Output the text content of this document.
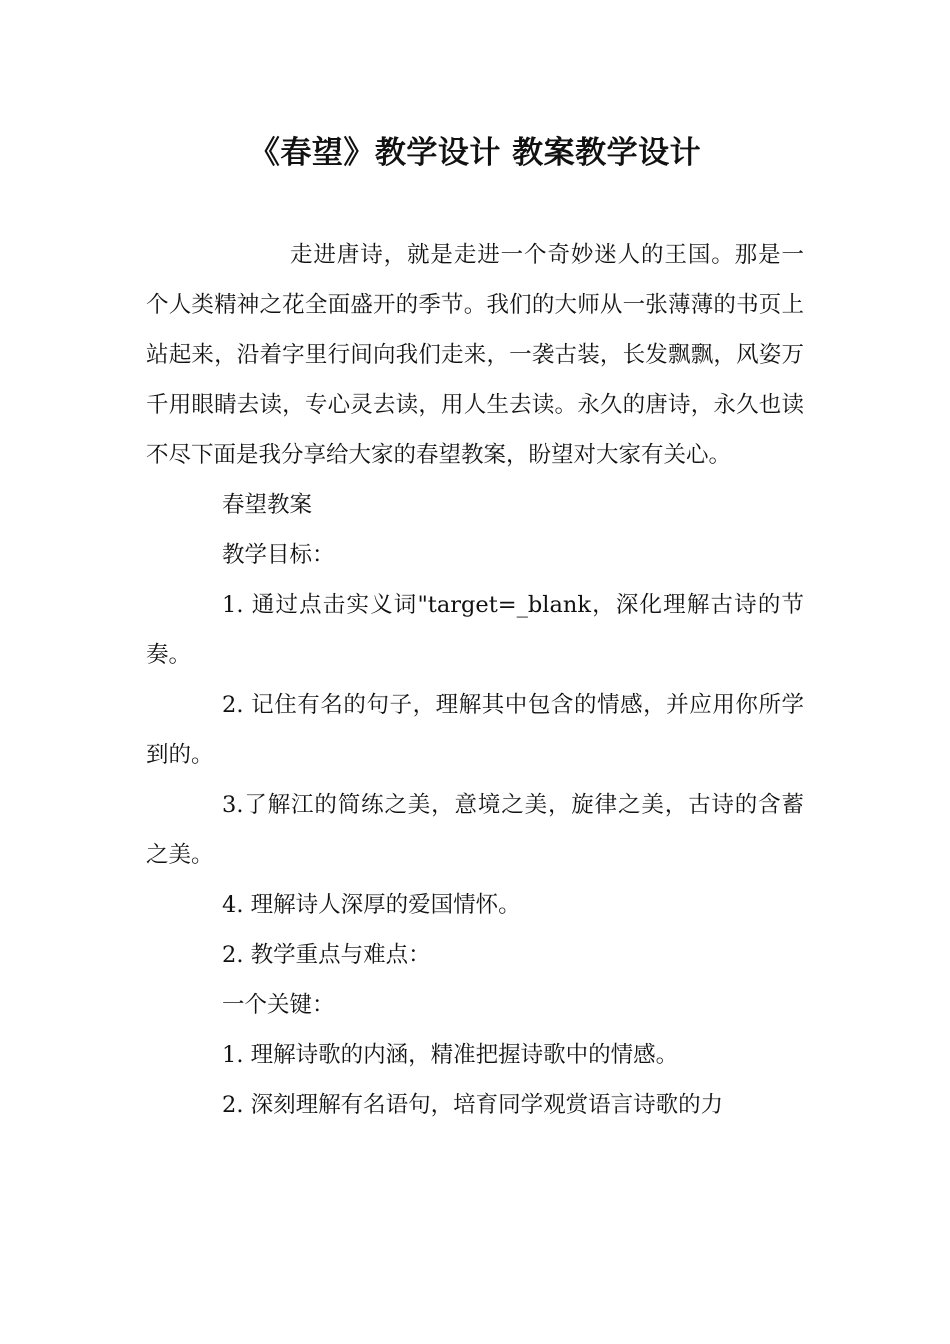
《春望》教学设计 教案教学设计

走进唐诗，就是走进一个奇妙迷人的王国。那是一个人类精神之花全面盛开的季节。我们的大师从一张薄薄的书页上站起来，沿着字里行间向我们走来，一袭古装，长发飘飘，风姿万千用眼睛去读，专心灵去读，用人生去读。永久的唐诗，永久也读不尽下面是我分享给大家的春望教案，盼望对大家有关心。

春望教案

教学目标：

1. 通过点击实义词"target=_blank，深化理解古诗的节奏。

2. 记住有名的句子，理解其中包含的情感，并应用你所学到的。

3.了解江的简练之美，意境之美，旋律之美，古诗的含蓄之美。

4. 理解诗人深厚的爱国情怀。

2. 教学重点与难点：

一个关键：

1. 理解诗歌的内涵，精准把握诗歌中的情感。

2. 深刻理解有名语句，培育同学观赏语言诗歌的力
